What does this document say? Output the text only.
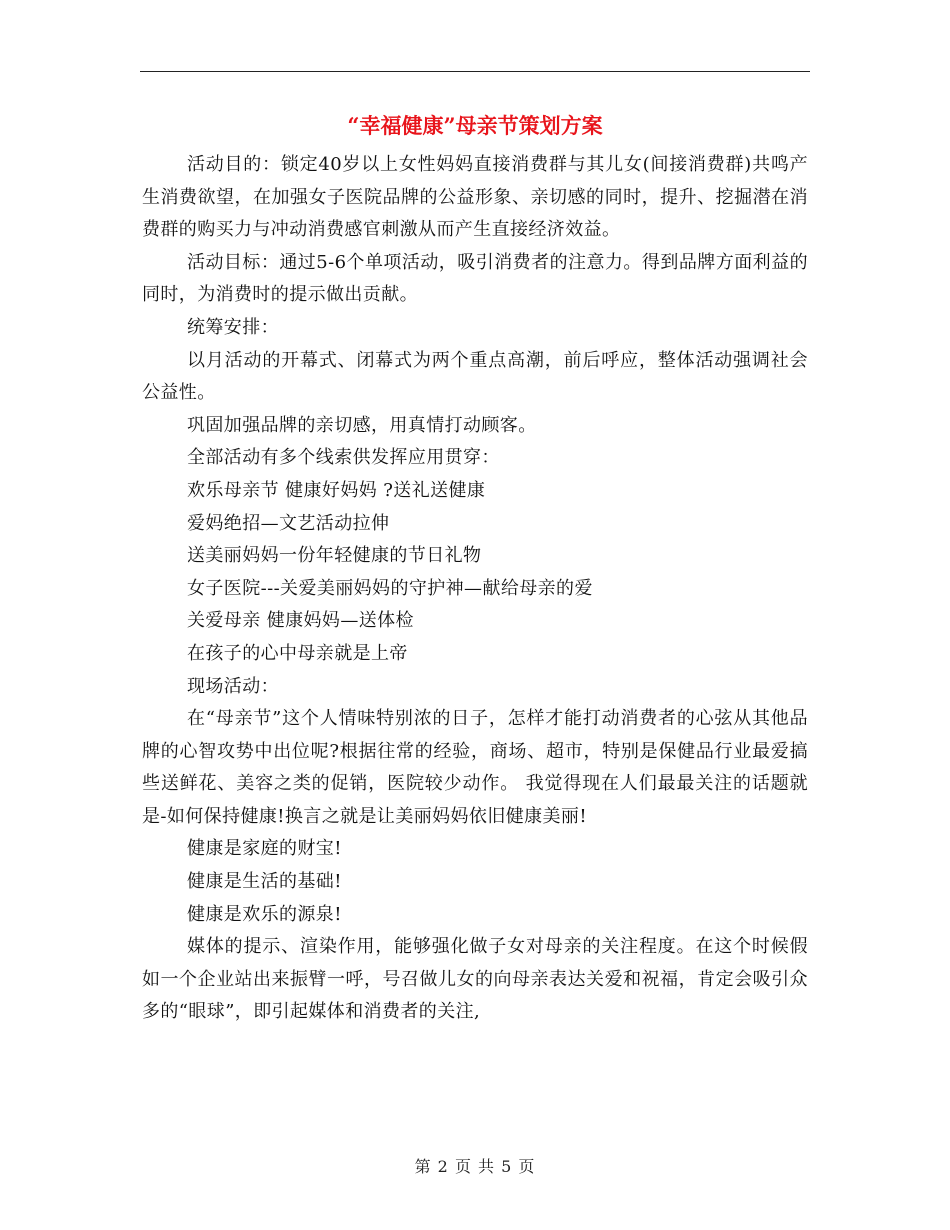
“幸福健康”母亲节策划方案

活动目的：锁定40岁以上女性妈妈直接消费群与其儿女(间接消费群)共鸣产生消费欲望，在加强女子医院品牌的公益形象、亲切感的同时，提升、挖掘潜在消费群的购买力与冲动消费感官刺激从而产生直接经济效益。

活动目标：通过5-6个单项活动，吸引消费者的注意力。得到品牌方面利益的同时，为消费时的提示做出贡献。

统筹安排：

以月活动的开幕式、闭幕式为两个重点高潮，前后呼应，整体活动强调社会公益性。

巩固加强品牌的亲切感，用真情打动顾客。

全部活动有多个线索供发挥应用贯穿：

欢乐母亲节 健康好妈妈 ?送礼送健康

爱妈绝招—文艺活动拉伸

送美丽妈妈一份年轻健康的节日礼物

女子医院---关爱美丽妈妈的守护神—献给母亲的爱

关爱母亲 健康妈妈—送体检

在孩子的心中母亲就是上帝

现场活动：

在“母亲节”这个人情味特别浓的日子，怎样才能打动消费者的心弦从其他品牌的心智攻势中出位呢?根据往常的经验，商场、超市，特别是保健品行业最爱搞些送鲜花、美容之类的促销，医院较少动作。 我觉得现在人们最最关注的话题就是-如何保持健康!换言之就是让美丽妈妈依旧健康美丽!

健康是家庭的财宝!

健康是生活的基础!

健康是欢乐的源泉!

媒体的提示、渲染作用，能够强化做子女对母亲的关注程度。在这个时候假如一个企业站出来振臂一呼，号召做儿女的向母亲表达关爱和祝福，肯定会吸引众多的“眼球”，即引起媒体和消费者的关注,

第 2 页 共 5 页
